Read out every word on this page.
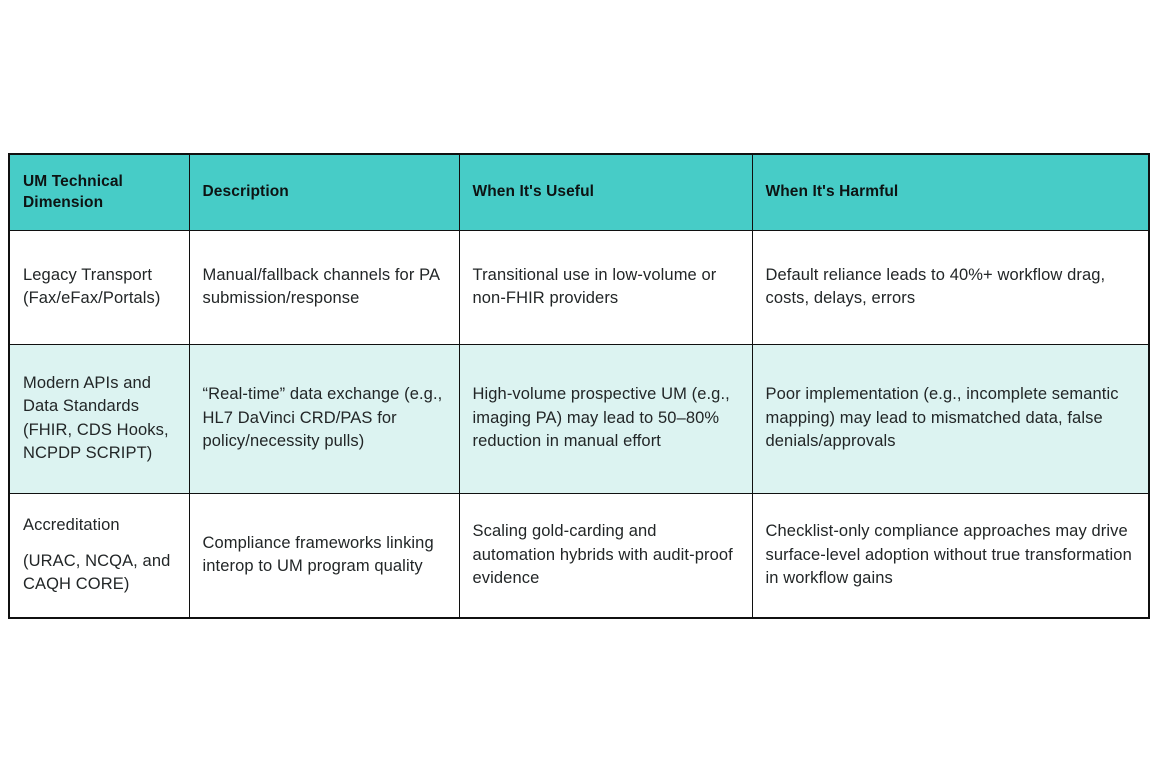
UM Technical Dimension	Description	When It's Useful	When It's Harmful
Legacy Transport (Fax/eFax/Portals)	Manual/fallback channels for PA submission/response	Transitional use in low-volume or non-FHIR providers	Default reliance leads to 40%+ workflow drag, costs, delays, errors
Modern APIs and Data Standards (FHIR, CDS Hooks, NCPDP SCRIPT)	“Real-time” data exchange (e.g., HL7 DaVinci CRD/PAS for policy/necessity pulls)	High-volume prospective UM (e.g., imaging PA) may lead to 50–80% reduction in manual effort	Poor implementation (e.g., incomplete semantic mapping) may lead to mismatched data, false denials/approvals

Accreditation

(URAC, NCQA, and CAQH CORE)	Compliance frameworks linking interop to UM program quality	Scaling gold-carding and automation hybrids with audit-proof evidence	Checklist-only compliance approaches may drive surface-level adoption without true transformation in workflow gains
